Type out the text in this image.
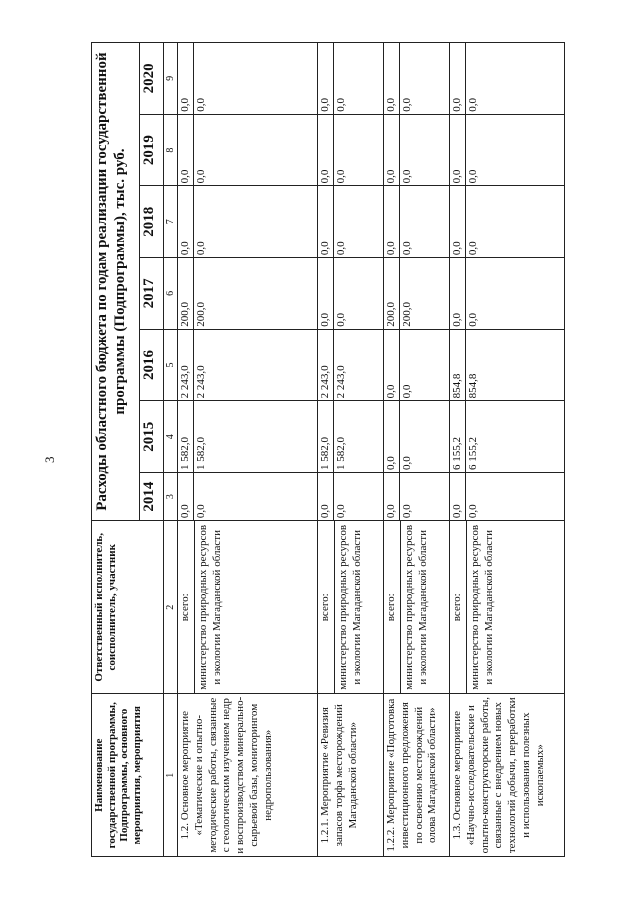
3
Наименование государственной программы, Подпрограммы, основного мероприятия, мероприятия	Ответственный исполнитель, соисполнитель, участник	Расходы областного бюджета по годам реализации государственной программы (Подпрограммы), тыс. руб.						
		2014	2015	2016	2017	2018	2019	2020
1	2	3	4	5	6	7	8	9
1.2. Основное мероприятие «Тематические и опытно-методические работы, связанные с геологическим изучением недр и воспроизводством минерально-сырьевой базы, мониторингом недропользования»	всего: министерство природных ресурсов и экологии Магаданской области	0,0 0,0	1 582,0 1 582,0	2 243,0 2 243,0	200,0 200,0	0,0 0,0	0,0 0,0	0,0 0,0

1.2.1. Мероприятие «Ревизия запасов торфа месторождений Магаданской области»	всего: министерство природных ресурсов и экологии Магаданской области	0,0 0,0	1 582,0 1 582,0	2 243,0 2 243,0	0,0 0,0	0,0 0,0	0,0 0,0	0,0 0,0

1.2.2. Мероприятие «Подготовка инвестиционного предложения по освоению месторождений олова Магаданской области»	всего: министерство природных ресурсов и экологии Магаданской области	0,0 0,0	0,0 0,0	0,0 0,0	200,0 200,0	0,0 0,0	0,0 0,0	0,0 0,0

1.3. Основное мероприятие «Научно-исследовательские и опытно-конструкторские работы, связанные с внедрением новых технологий добычи, переработки и использования полезных ископаемых»	всего: министерство природных ресурсов и экологии Магаданской области	0,0 0,0	6 155,2 6 155,2	854,8 854,8	0,0 0,0	0,0 0,0	0,0 0,0	0,0 0,0
